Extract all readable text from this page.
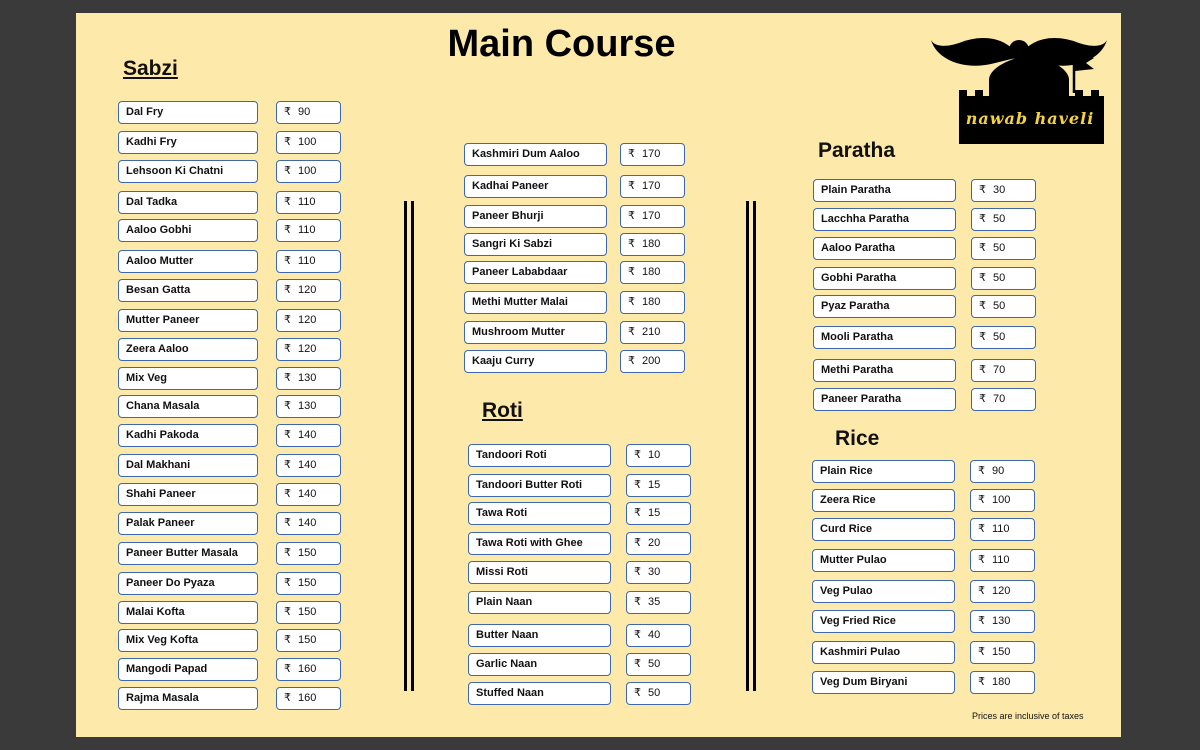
Main Course
Sabzi
Roti
Paratha
Rice
nawab haveli
Prices are inclusive of taxes
Dal Fry	₹ 90
Kadhi Fry	₹ 100
Lehsoon Ki Chatni	₹ 100
Dal Tadka	₹ 110
Aaloo Gobhi	₹ 110
Aaloo Mutter	₹ 110
Besan Gatta	₹ 120
Mutter Paneer	₹ 120
Zeera Aaloo	₹ 120
Mix Veg	₹ 130
Chana Masala	₹ 130
Kadhi Pakoda	₹ 140
Dal Makhani	₹ 140
Shahi Paneer	₹ 140
Palak Paneer	₹ 140
Paneer Butter Masala	₹ 150
Paneer Do Pyaza	₹ 150
Malai Kofta	₹ 150
Mix Veg Kofta	₹ 150
Mangodi Papad	₹ 160
Rajma Masala	₹ 160
Kashmiri Dum Aaloo	₹ 170
Kadhai Paneer	₹ 170
Paneer Bhurji	₹ 170
Sangri Ki Sabzi	₹ 180
Paneer Lababdaar	₹ 180
Methi Mutter Malai	₹ 180
Mushroom Mutter	₹ 210
Kaaju Curry	₹ 200
Tandoori Roti	₹ 10
Tandoori Butter Roti	₹ 15
Tawa Roti	₹ 15
Tawa Roti with Ghee	₹ 20
Missi Roti	₹ 30
Plain Naan	₹ 35
Butter Naan	₹ 40
Garlic Naan	₹ 50
Stuffed Naan	₹ 50
Plain Paratha	₹ 30
Lacchha Paratha	₹ 50
Aaloo Paratha	₹ 50
Gobhi Paratha	₹ 50
Pyaz Paratha	₹ 50
Mooli Paratha	₹ 50
Methi Paratha	₹ 70
Paneer Paratha	₹ 70
Plain Rice	₹ 90
Zeera Rice	₹ 100
Curd Rice	₹ 110
Mutter Pulao	₹ 110
Veg Pulao	₹ 120
Veg Fried Rice	₹ 130
Kashmiri Pulao	₹ 150
Veg Dum Biryani	₹ 180
